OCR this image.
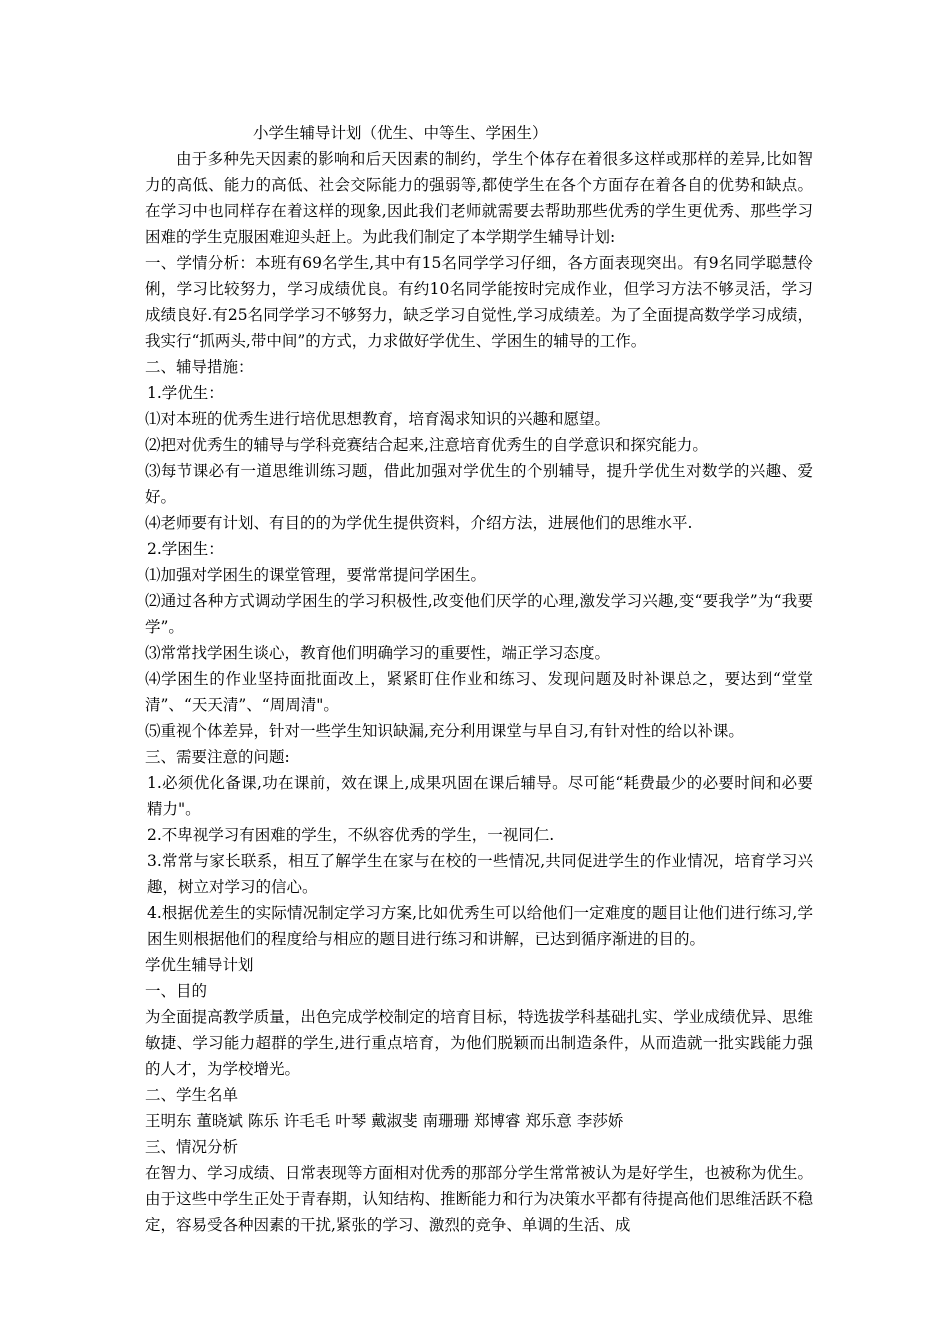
小学生辅导计划（优生、中等生、学困生）

由于多种先天因素的影响和后天因素的制约，学生个体存在着很多这样或那样的差异,比如智力的高低、能力的高低、社会交际能力的强弱等,都使学生在各个方面存在着各自的优势和缺点。在学习中也同样存在着这样的现象,因此我们老师就需要去帮助那些优秀的学生更优秀、那些学习困难的学生克服困难迎头赶上。为此我们制定了本学期学生辅导计划:

一、学情分析：本班有69名学生,其中有15名同学学习仔细，各方面表现突出。有9名同学聪慧伶俐，学习比较努力，学习成绩优良。有约10名同学能按时完成作业，但学习方法不够灵活，学习成绩良好.有25名同学学习不够努力，缺乏学习自觉性,学习成绩差。为了全面提高数学学习成绩，我实行“抓两头,带中间”的方式，力求做好学优生、学困生的辅导的工作。

二、辅导措施：

1.学优生：

⑴对本班的优秀生进行培优思想教育，培育渴求知识的兴趣和愿望。

⑵把对优秀生的辅导与学科竞赛结合起来,注意培育优秀生的自学意识和探究能力。

⑶每节课必有一道思维训练习题，借此加强对学优生的个别辅导，提升学优生对数学的兴趣、爱好。

⑷老师要有计划、有目的的为学优生提供资料，介绍方法，进展他们的思维水平.

2.学困生：

⑴加强对学困生的课堂管理，要常常提问学困生。

⑵通过各种方式调动学困生的学习积极性,改变他们厌学的心理,激发学习兴趣,变“要我学”为“我要学”。

⑶常常找学困生谈心，教育他们明确学习的重要性，端正学习态度。

⑷学困生的作业坚持面批面改上，紧紧盯住作业和练习、发现问题及时补课总之，要达到“堂堂清”、“天天清”、“周周清"。

⑸重视个体差异，针对一些学生知识缺漏,充分利用课堂与早自习,有针对性的给以补课。

三、需要注意的问题:

1.必须优化备课,功在课前，效在课上,成果巩固在课后辅导。尽可能“耗费最少的必要时间和必要精力"。

2.不卑视学习有困难的学生，不纵容优秀的学生，一视同仁.

3.常常与家长联系，相互了解学生在家与在校的一些情况,共同促进学生的作业情况，培育学习兴趣，树立对学习的信心。

4.根据优差生的实际情况制定学习方案,比如优秀生可以给他们一定难度的题目让他们进行练习,学困生则根据他们的程度给与相应的题目进行练习和讲解，已达到循序渐进的目的。

学优生辅导计划

一、目的

为全面提高教学质量，出色完成学校制定的培育目标，特选拔学科基础扎实、学业成绩优异、思维敏捷、学习能力超群的学生,进行重点培育，为他们脱颖而出制造条件，从而造就一批实践能力强的人才，为学校增光。

二、学生名单

王明东 董晓斌 陈乐 许毛毛 叶琴 戴淑斐 南珊珊 郑博睿 郑乐意 李莎娇

三、情况分析

在智力、学习成绩、日常表现等方面相对优秀的那部分学生常常被认为是好学生，也被称为优生。由于这些中学生正处于青春期，认知结构、推断能力和行为决策水平都有待提高他们思维活跃不稳定，容易受各种因素的干扰,紧张的学习、激烈的竞争、单调的生活、成
